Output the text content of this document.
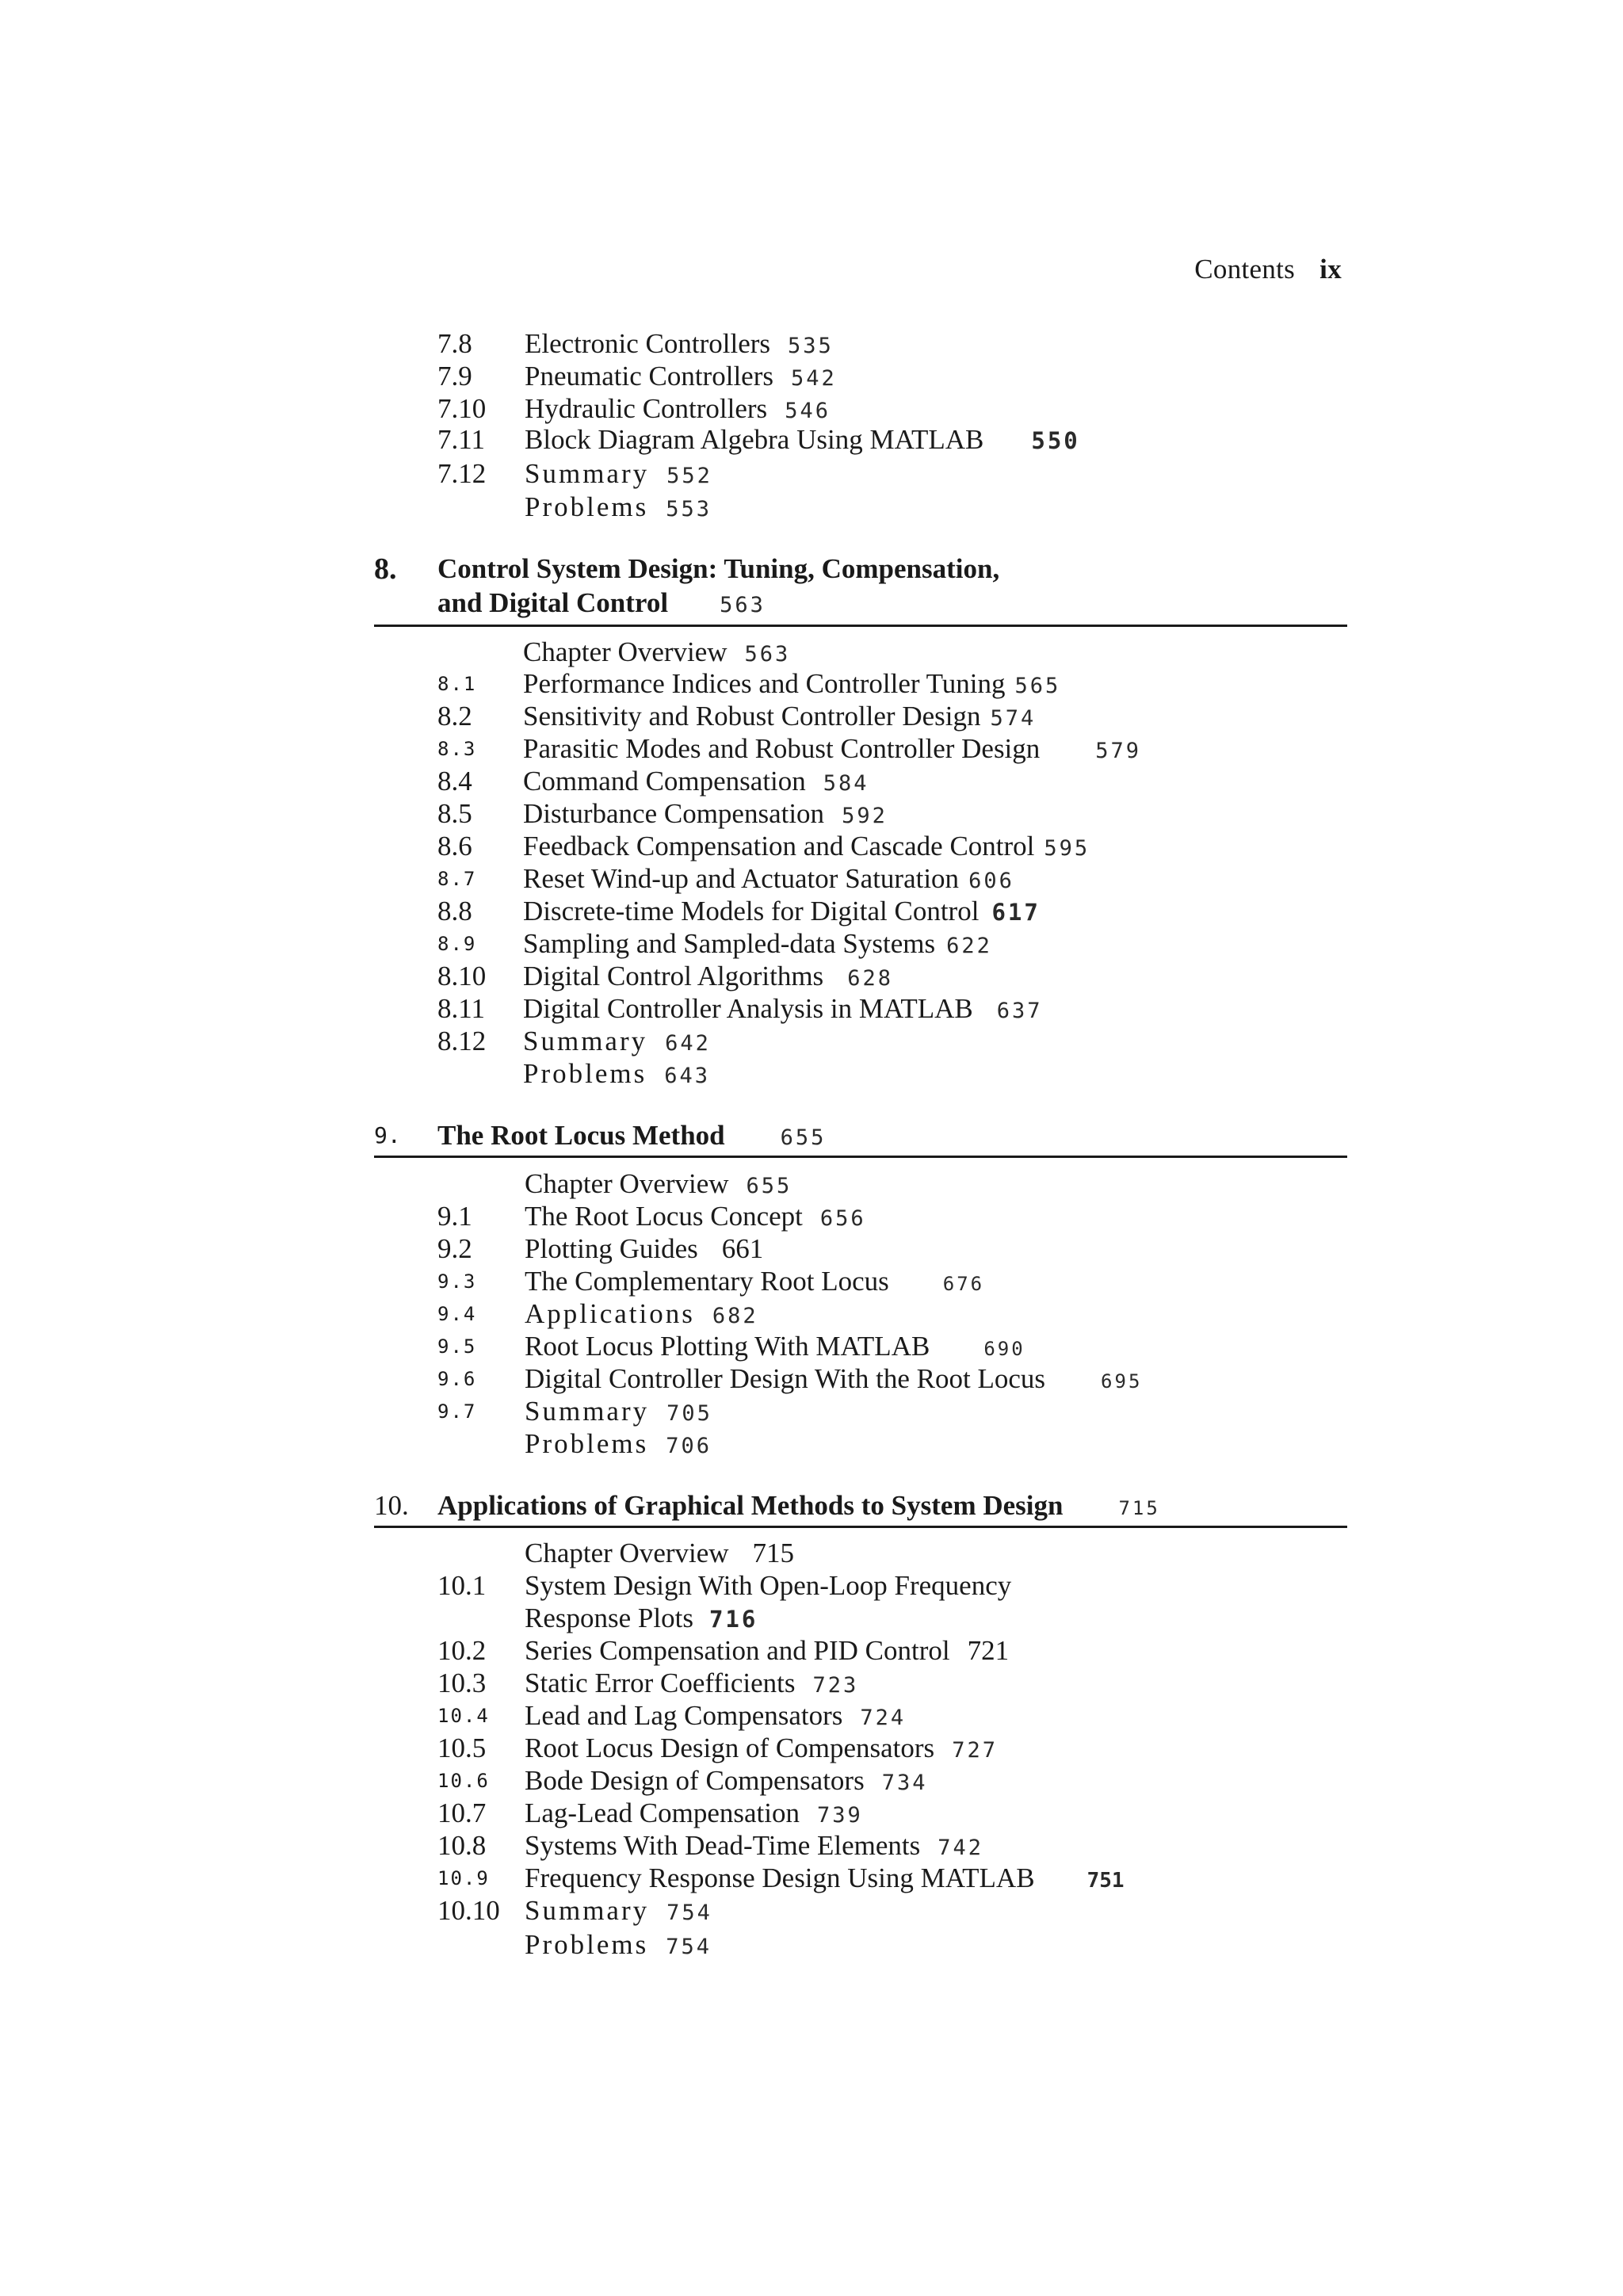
Contents ix
7.8 Electronic Controllers 535
7.9 Pneumatic Controllers 542
7.10 Hydraulic Controllers 546
7.11 Block Diagram Algebra Using MATLAB 550
7.12 Summary 552
Problems 553
8. Control System Design: Tuning, Compensation,
and Digital Control 563
Chapter Overview 563
8.1 Performance Indices and Controller Tuning 565
8.2 Sensitivity and Robust Controller Design 574
8.3 Parasitic Modes and Robust Controller Design	579
8.4 Command Compensation 584
8.5 Disturbance Compensation 592
8.6 Feedback Compensation and Cascade Control 595
8.7 Reset Wind-up and Actuator Saturation 606
8.8 Discrete-time Models for Digital Control 617
8.9 Sampling and Sampled-data Systems 622
8.10 Digital Control Algorithms 628
8.11 Digital Controller Analysis in MATLAB 637
8.12 Summary 642
Problems 643
9. The Root Locus Method	655
Chapter Overview 655
9.1 The Root Locus Concept 656
9.2 Plotting Guides 661
9.3 The Complementary Root Locus	676
9.4 Applications 682
9.5 Root Locus Plotting With MATLAB	690
9.6 Digital Controller Design With the Root Locus	695
9.7 Summary 705
Problems 706
10. Applications of Graphical Methods to System Design	715
Chapter Overview 715
10.1 System Design With Open-Loop Frequency
Response Plots 716
10.2 Series Compensation and PID Control 721
10.3 Static Error Coefficients 723
10.4 Lead and Lag Compensators 724
10.5 Root Locus Design of Compensators 727
10.6 Bode Design of Compensators 734
10.7 Lag-Lead Compensation 739
10.8 Systems With Dead-Time Elements 742
10.9 Frequency Response Design Using MATLAB	751
10.10 Summary 754
Problems 754
